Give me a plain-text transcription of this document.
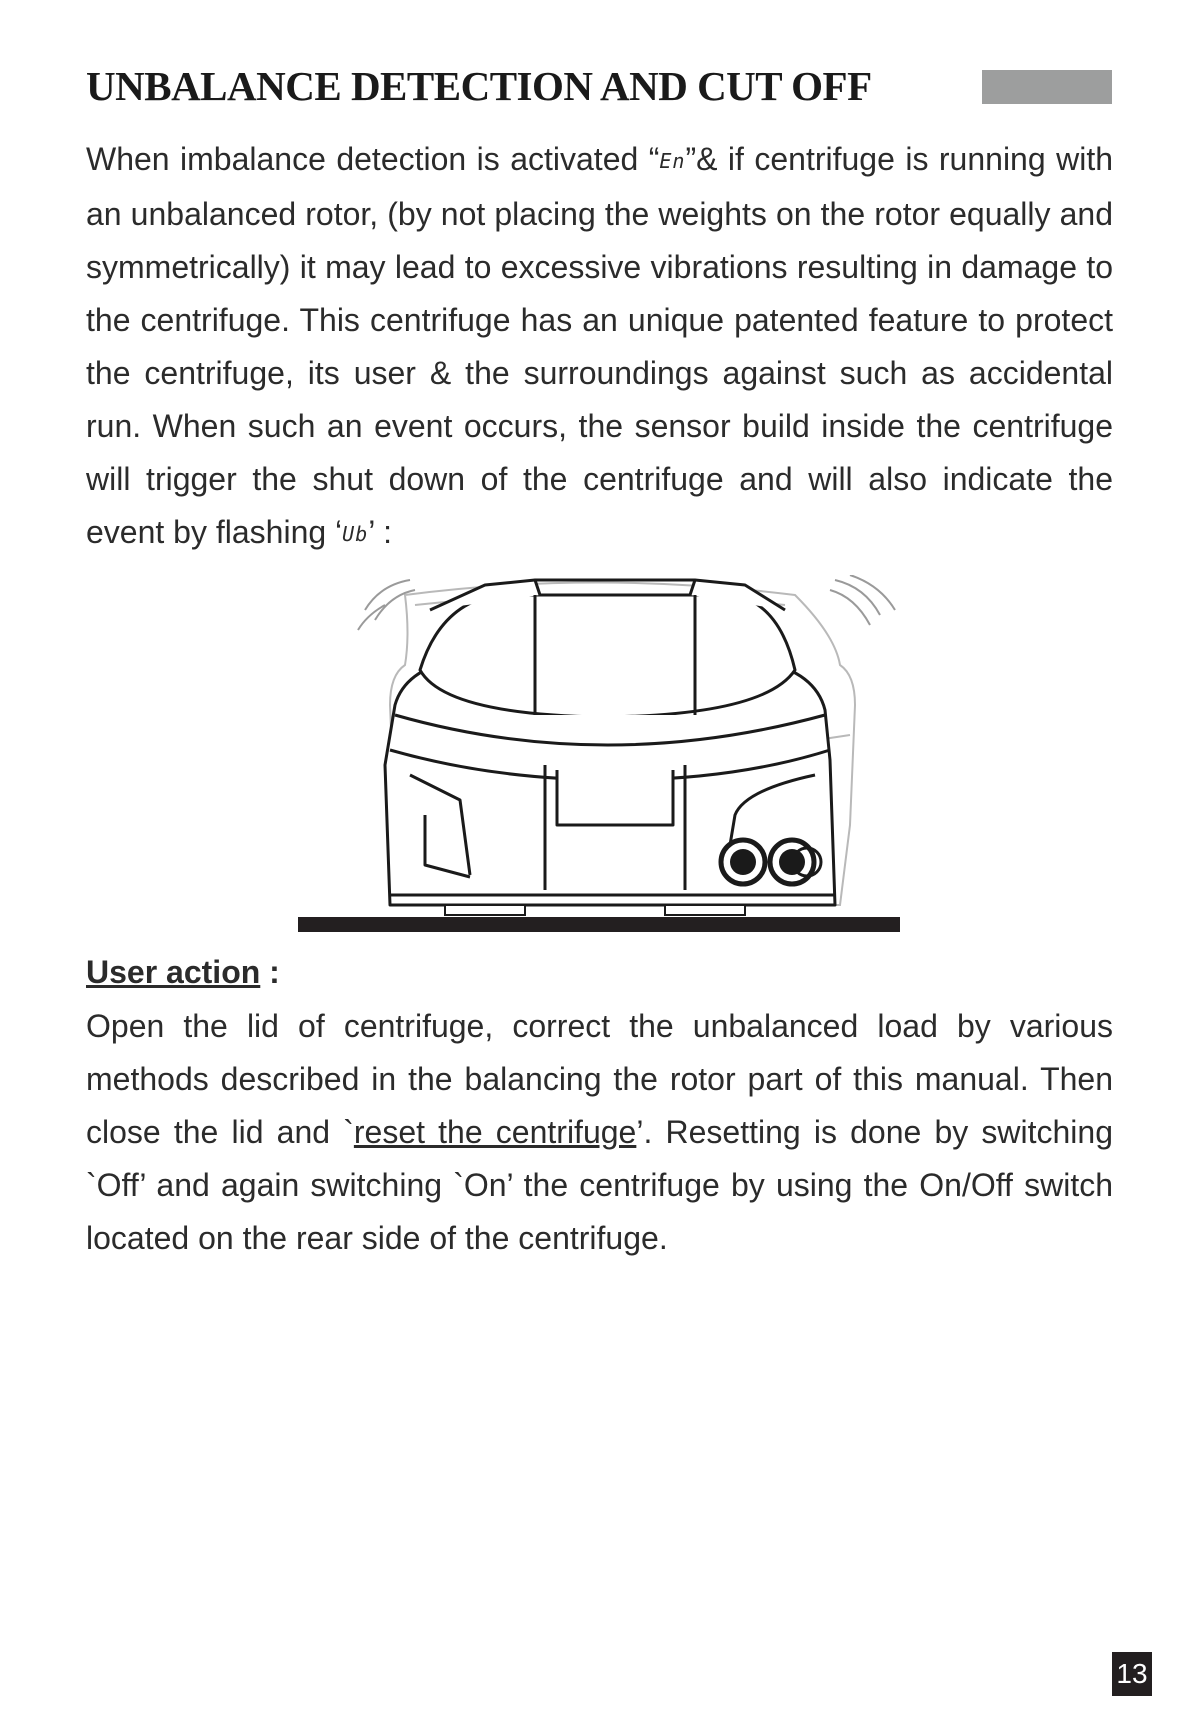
UNBALANCE DETECTION AND CUT OFF

When imbalance detection is activated “En”& if centrifuge is running with an unbalanced rotor, (by not placing the weights on the rotor equally and symmetrically) it may lead to excessive vibrations resulting in damage to the centrifuge. This centrifuge has an unique patented feature to protect the centrifuge, its user & the surroundings against such as accidental run. When such an event occurs, the sensor build inside the centrifuge will trigger the shut down of the centrifuge and will also indicate the event by flashing ‘Ub’ :

User action :

Open the lid of centrifuge, correct the unbalanced load by various methods described in the balancing the rotor part of this manual. Then close the lid and `reset the centrifuge’. Resetting is done by switching `Off’ and again switching `On’ the centrifuge by using the On/Off switch located on the rear side of the centrifuge.

13
